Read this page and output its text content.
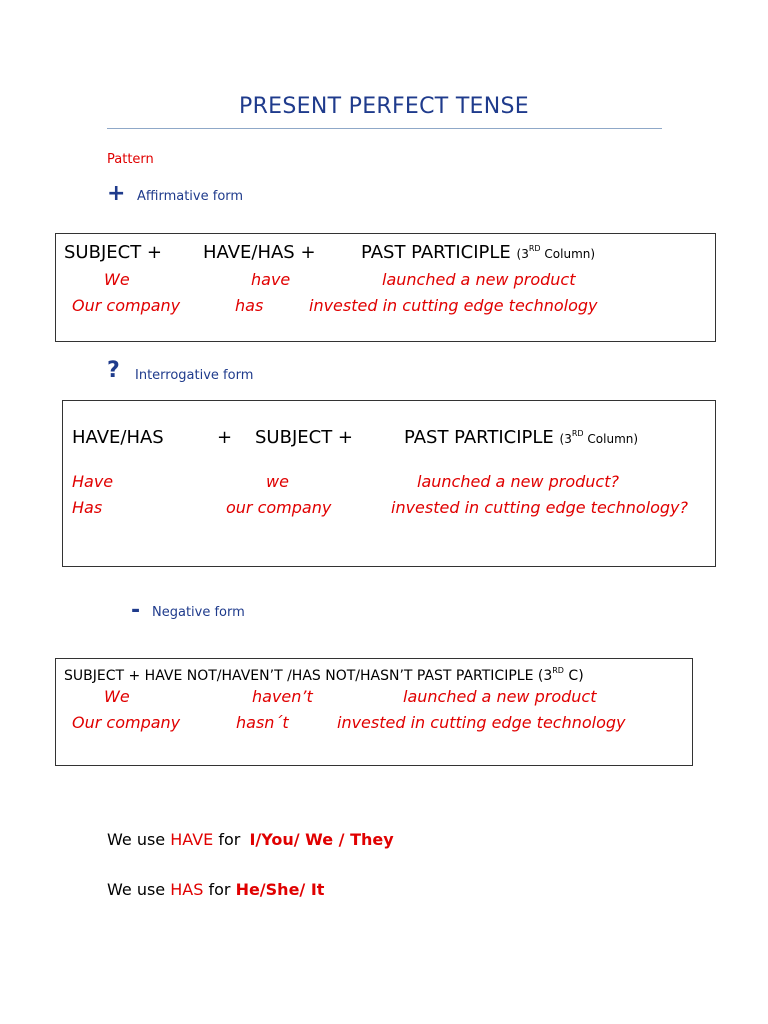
PRESENT PERFECT TENSE
Pattern
+ Affirmative form
SUBJECT + HAVE/HAS +	PAST PARTICIPLE (3RD Column)
We	have	launched a new product
Our company	has	invested in cutting edge technology
? Interrogative form
HAVE/HAS	+ SUBJECT +	PAST PARTICIPLE (3RD Column)
Have	we	launched a new product?
Has	our company	invested in cutting edge technology?
- Negative form
SUBJECT + HAVE NOT/HAVEN’T /HAS NOT/HASN’T PAST PARTICIPLE (3RD C)
We	haven’t	launched a new product
Our company	hasn´t	invested in cutting edge technology
We use HAVE for I/You/ We / They
We use HAS for He/She/ It
